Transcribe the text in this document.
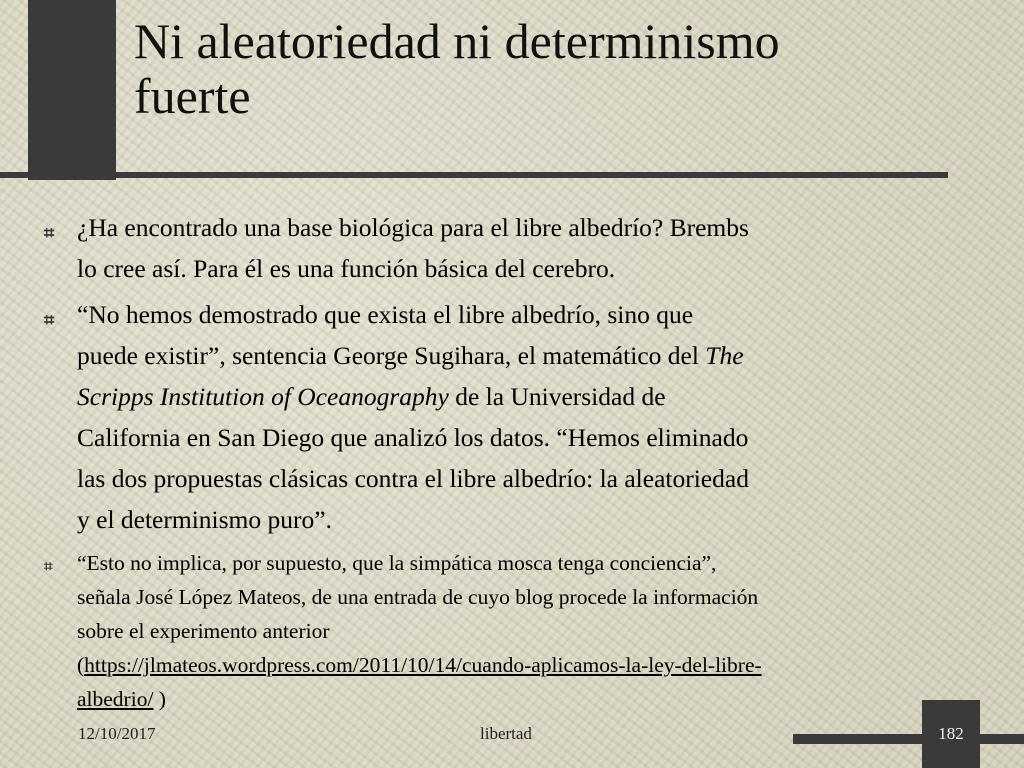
Ni aleatoriedad ni determinismo
fuerte
⌗ ¿Ha encontrado una base biológica para el libre albedrío? Brembs
lo cree así. Para él es una función básica del cerebro.
⌗ “No hemos demostrado que exista el libre albedrío, sino que
puede existir”, sentencia George Sugihara, el matemático del The
Scripps Institution of Oceanography de la Universidad de
California en San Diego que analizó los datos. “Hemos eliminado
las dos propuestas clásicas contra el libre albedrío: la aleatoriedad
y el determinismo puro”.
⌗ “Esto no implica, por supuesto, que la simpática mosca tenga conciencia”,
señala José López Mateos, de una entrada de cuyo blog procede la información
sobre el experimento anterior
(https://jlmateos.wordpress.com/2011/10/14/cuando-aplicamos-la-ley-del-libre-
albedrio/ )
12/10/2017	libertad	182
